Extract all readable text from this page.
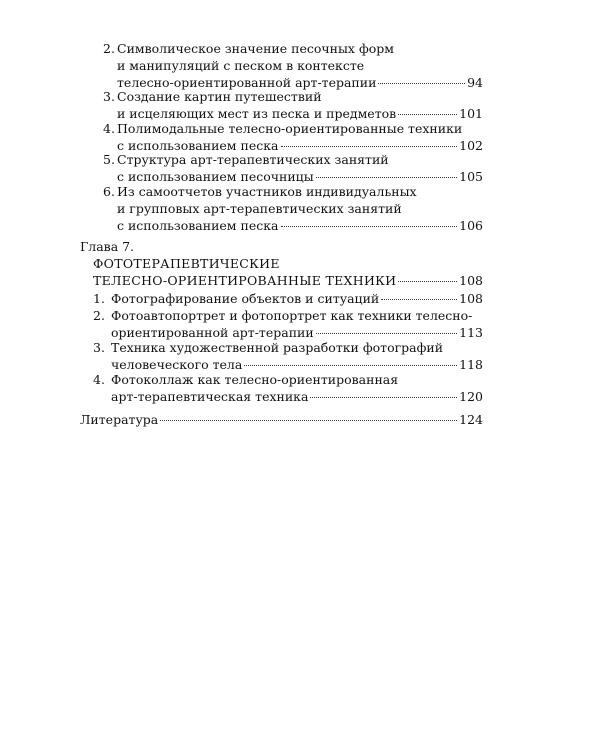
2. Символическое значение песочных форм
и манипуляций с песком в контексте
телесно-ориентированной арт-терапии	94
3. Создание картин путешествий
и исцеляющих мест из песка и предметов	101
4. Полимодальные телесно-ориентированные техники
с использованием песка	102
5. Структура арт-терапевтических занятий
с использованием песочницы	105
6. Из самоотчетов участников индивидуальных
и групповых арт-терапевтических занятий
с использованием песка	106
Глава 7.
ФОТОТЕРАПЕВТИЧЕСКИЕ
ТЕЛЕСНО-ОРИЕНТИРОВАННЫЕ ТЕХНИКИ	108
1. Фотографирование объектов и ситуаций	108
2. Фотоавтопортрет и фотопортрет как техники телесно-
ориентированной арт-терапии	113
3. Техника художественной разработки фотографий
человеческого тела	118
4. Фотоколлаж как телесно-ориентированная
арт-терапевтическая техника	120
Литература	124
